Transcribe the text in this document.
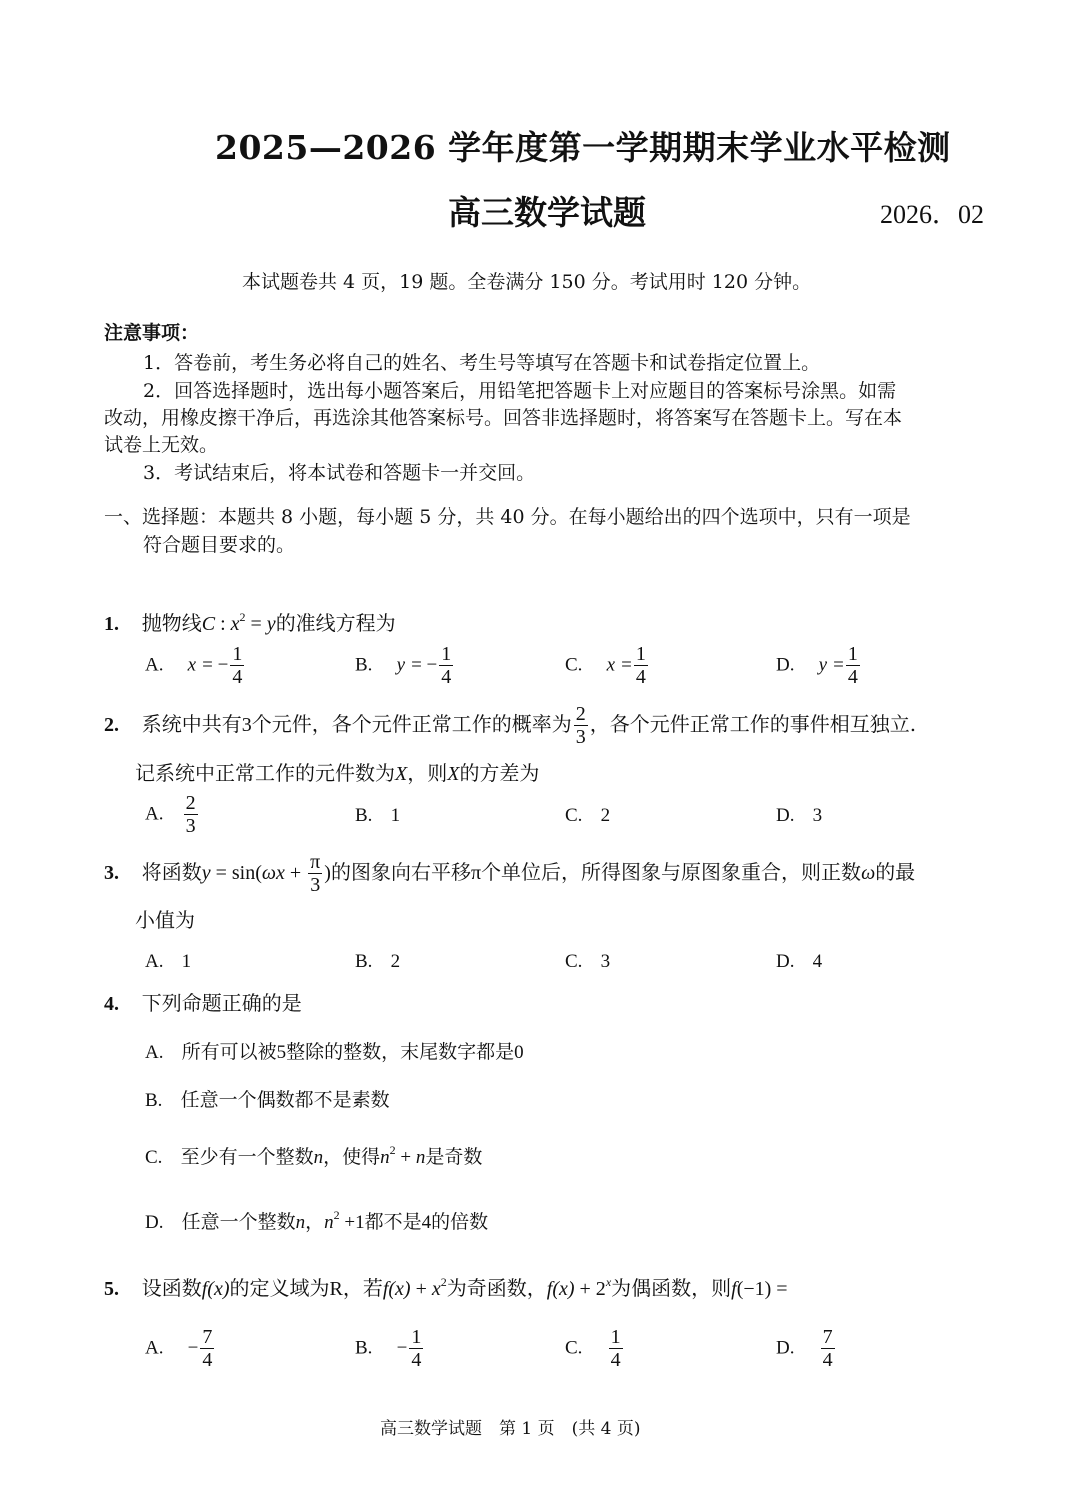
2025—2026 学年度第一学期期末学业水平检测
高三数学试题	2026．02
本试题卷共 4 页，19 题。全卷满分 150 分。考试用时 120 分钟。
注意事项：
1．答卷前，考生务必将自己的姓名、考生号等填写在答题卡和试卷指定位置上。
2．回答选择题时，选出每小题答案后，用铅笔把答题卡上对应题目的答案标号涂黑。如需
改动，用橡皮擦干净后，再选涂其他答案标号。回答非选择题时，将答案写在答题卡上。写在本
试卷上无效。
3．考试结束后，将本试卷和答题卡一并交回。
一、选择题：本题共 8 小题，每小题 5 分，共 40 分。在每小题给出的四个选项中，只有一项是
符合题目要求的。
1. 抛物线C : $x^2 = y$的准线方程为
A. x = − $\frac{1}{4}$	B. y = − $\frac{1}{4}$	C. $x = \frac{1}{4}$	D. $y = \frac{1}{4}$
2. 系统中共有3个元件，各个元件正常工作的概率为 $\frac{2}{3}$ ，各个元件正常工作的事件相互独立.
记系统中正常工作的元件数为X，则X的方差为
A. $\frac{2}{3}$	B. 1	C. 2	D. 3
3. 将函数$y = \sin(\omega x + \frac{\pi}{3}$ )的图象向右平移π个单位后，所得图象与原图象重合，则正数ω的最
小值为
A. 1	B. 2	C. 3	D. 4
4. 下列命题正确的是
A. 所有可以被5整除的整数，末尾数字都是0
B. 任意一个偶数都不是素数
C. 至少有一个整数n，使得$n^2 + n$是奇数
D. 任意一个整数n，$n^2 +1$都不是4的倍数
5. 设函数f(x)的定义域为R，若$f(x) + x^2$为奇函数，$f(x) + 2^x$为偶函数，则f(−1) =
A. − $\frac{7}{4}$	B. − $\frac{1}{4}$	C. $\frac{1}{4}$	D. $\frac{7}{4}$
高三数学试题　第 1 页　(共 4 页)
